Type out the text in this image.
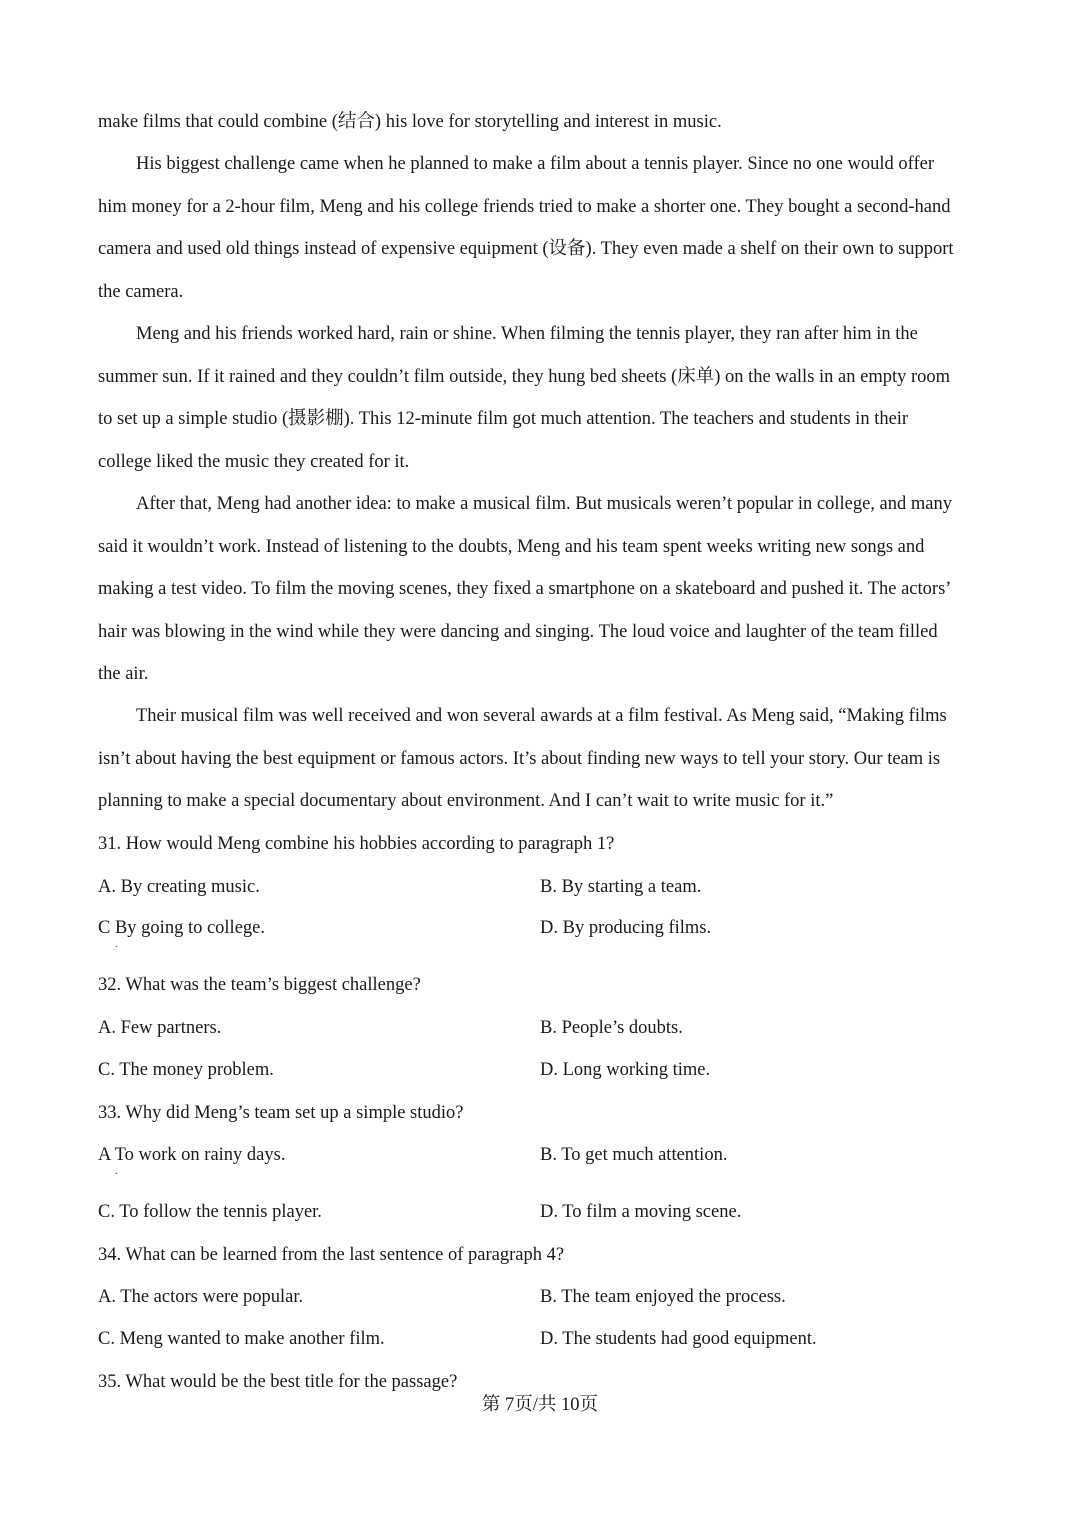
make films that could combine (结合) his love for storytelling and interest in music.
His biggest challenge came when he planned to make a film about a tennis player. Since no one would offer
him money for a 2-hour film, Meng and his college friends tried to make a shorter one. They bought a second-hand
camera and used old things instead of expensive equipment (设备). They even made a shelf on their own to support
the camera.
Meng and his friends worked hard, rain or shine. When filming the tennis player, they ran after him in the
summer sun. If it rained and they couldn’t film outside, they hung bed sheets (床单) on the walls in an empty room
to set up a simple studio (摄影棚). This 12-minute film got much attention. The teachers and students in their
college liked the music they created for it.
After that, Meng had another idea: to make a musical film. But musicals weren’t popular in college, and many
said it wouldn’t work. Instead of listening to the doubts, Meng and his team spent weeks writing new songs and
making a test video. To film the moving scenes, they fixed a smartphone on a skateboard and pushed it. The actors’
hair was blowing in the wind while they were dancing and singing. The loud voice and laughter of the team filled
the air.
Their musical film was well received and won several awards at a film festival. As Meng said, “Making films
isn’t about having the best equipment or famous actors. It’s about finding new ways to tell your story. Our team is
planning to make a special documentary about environment. And I can’t wait to write music for it.”
31. How would Meng combine his hobbies according to paragraph 1?
A. By creating music.	B. By starting a team.
C By going to college.
.
D. By producing films.
32. What was the team’s biggest challenge?
A. Few partners.	B. People’s doubts.
C. The money problem.	D. Long working time.
33. Why did Meng’s team set up a simple studio?
A To work on rainy days.
.
B. To get much attention.
C. To follow the tennis player.	D. To film a moving scene.
34. What can be learned from the last sentence of paragraph 4?
A. The actors were popular.	B. The team enjoyed the process.
C. Meng wanted to make another film.	D. The students had good equipment.
35. What would be the best title for the passage?
第 7页/共 10页
